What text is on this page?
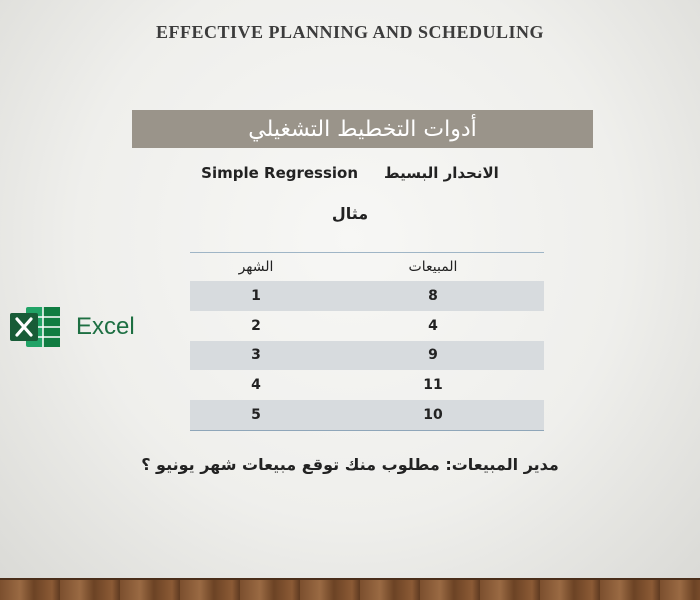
EFFECTIVE PLANNING AND SCHEDULING
أدوات التخطيط التشغيلي
Simple Regression الانحدار البسيط
مثال
Excel
الشهر	المبيعات
1	8
2	4
3	9
4	11
5	10
مدير المبيعات: مطلوب منك توقع مبيعات شهر يونيو ؟
